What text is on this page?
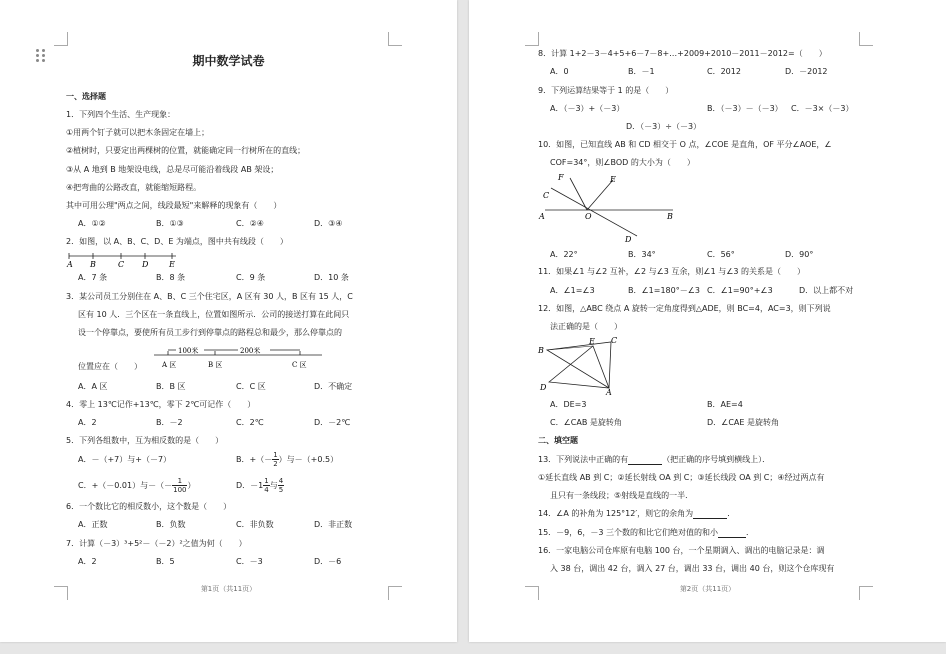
期中数学试卷
一、选择题
1．下列四个生活、生产现象：
①用两个钉子就可以把木条固定在墙上；
②植树时，只要定出两棵树的位置，就能确定同一行树所在的直线；
③从 A 地到 B 地架设电线，总是尽可能沿着线段 AB 架设；
④把弯曲的公路改直，就能缩短路程。
其中可用公理"两点之间，线段最短"来解释的现象有（　　）
A．①②	B．①③	C．②④	D．③④
2．如图，以 A、B、C、D、E 为端点，图中共有线段（　　）
A B	C D	E
A．7 条	B．8 条	C．9 条	D．10 条
3．某公司员工分别住在 A、B、C 三个住宅区，A 区有 30 人，B 区有 15 人，C
区有 10 人．三个区在一条直线上，位置如图所示．公司的接送打算在此间只
设一个停靠点，要使所有员工步行到停靠点的路程总和最少，那么停靠点的
100米	200米
A 区	B 区	C 区
位置应在（　　）
A．A 区	B．B 区	C．C 区	D．不确定
4．零上 13℃记作+13℃，零下 2℃可记作（　　）
A．2	B．－2	C．2℃	D．－2℃
5．下列各组数中，互为相反数的是（　　）
A．－（+7）与+（－7）	B．+（－ $\frac{1}{2}$ ）与－（+0.5）
C．+（－0.01）与－（－ $\frac{1}{100}$ ）	D．$-1 \frac{1}{4}$ 与 $\frac{4}{5}$
6．一个数比它的相反数小，这个数是（　　）
A．正数	B．负数	C．非负数	D．非正数
7．计算（－3）³+5²－（－2）²之值为何（　　）
A．2	B．5	C．－3	D．－6
第1页（共11页）
8．计算 1+2－3－4+5+6－7－8+…+2009+2010－2011－2012=（　　）
A．0	B．－1	C．2012	D．－2012
9．下列运算结果等于 1 的是（　　）
A．（－3）+（－3）	B．（－3）－（－3） C．－3×（－3）
D．（－3）÷（－3）
10．如图，已知直线 AB 和 CD 相交于 O 点，∠COE 是直角，OF 平分∠AOE，∠
COF=34°，则∠BOD 的大小为（　　）
F	E
C
A	O	B
D
A．22°	B．34°	C．56°	D．90°
11．如果∠1 与∠2 互补，∠2 与∠3 互余，则∠1 与∠3 的关系是（　　）
A．∠1=∠3	B．∠1=180°－∠3 C．∠1=90°+∠3	D．以上都不对
12．如图，△ABC 绕点 A 旋转一定角度得到△ADE，则 BC=4，AC=3，则下列说
法正确的是（　　）
B
E C
D
A
A．DE=3	B．AE=4
C．∠CAB 是旋转角	D．∠CAE 是旋转角
二、填空题
13．下列说法中正确的有	（把正确的序号填到横线上）．
①延长直线 AB 到 C；②延长射线 OA 到 C；③延长线段 OA 到 C；④经过两点有
且只有一条线段；⑤射线是直线的一半．
14．∠A 的补角为 125°12′，则它的余角为	．
15．－9，6，－3 三个数的和比它们绝对值的和小	．
16．一家电脑公司仓库原有电脑 100 台，一个星期调入、调出的电脑记录是：调
入 38 台，调出 42 台，调入 27 台，调出 33 台，调出 40 台，则这个仓库现有
第2页（共11页）
